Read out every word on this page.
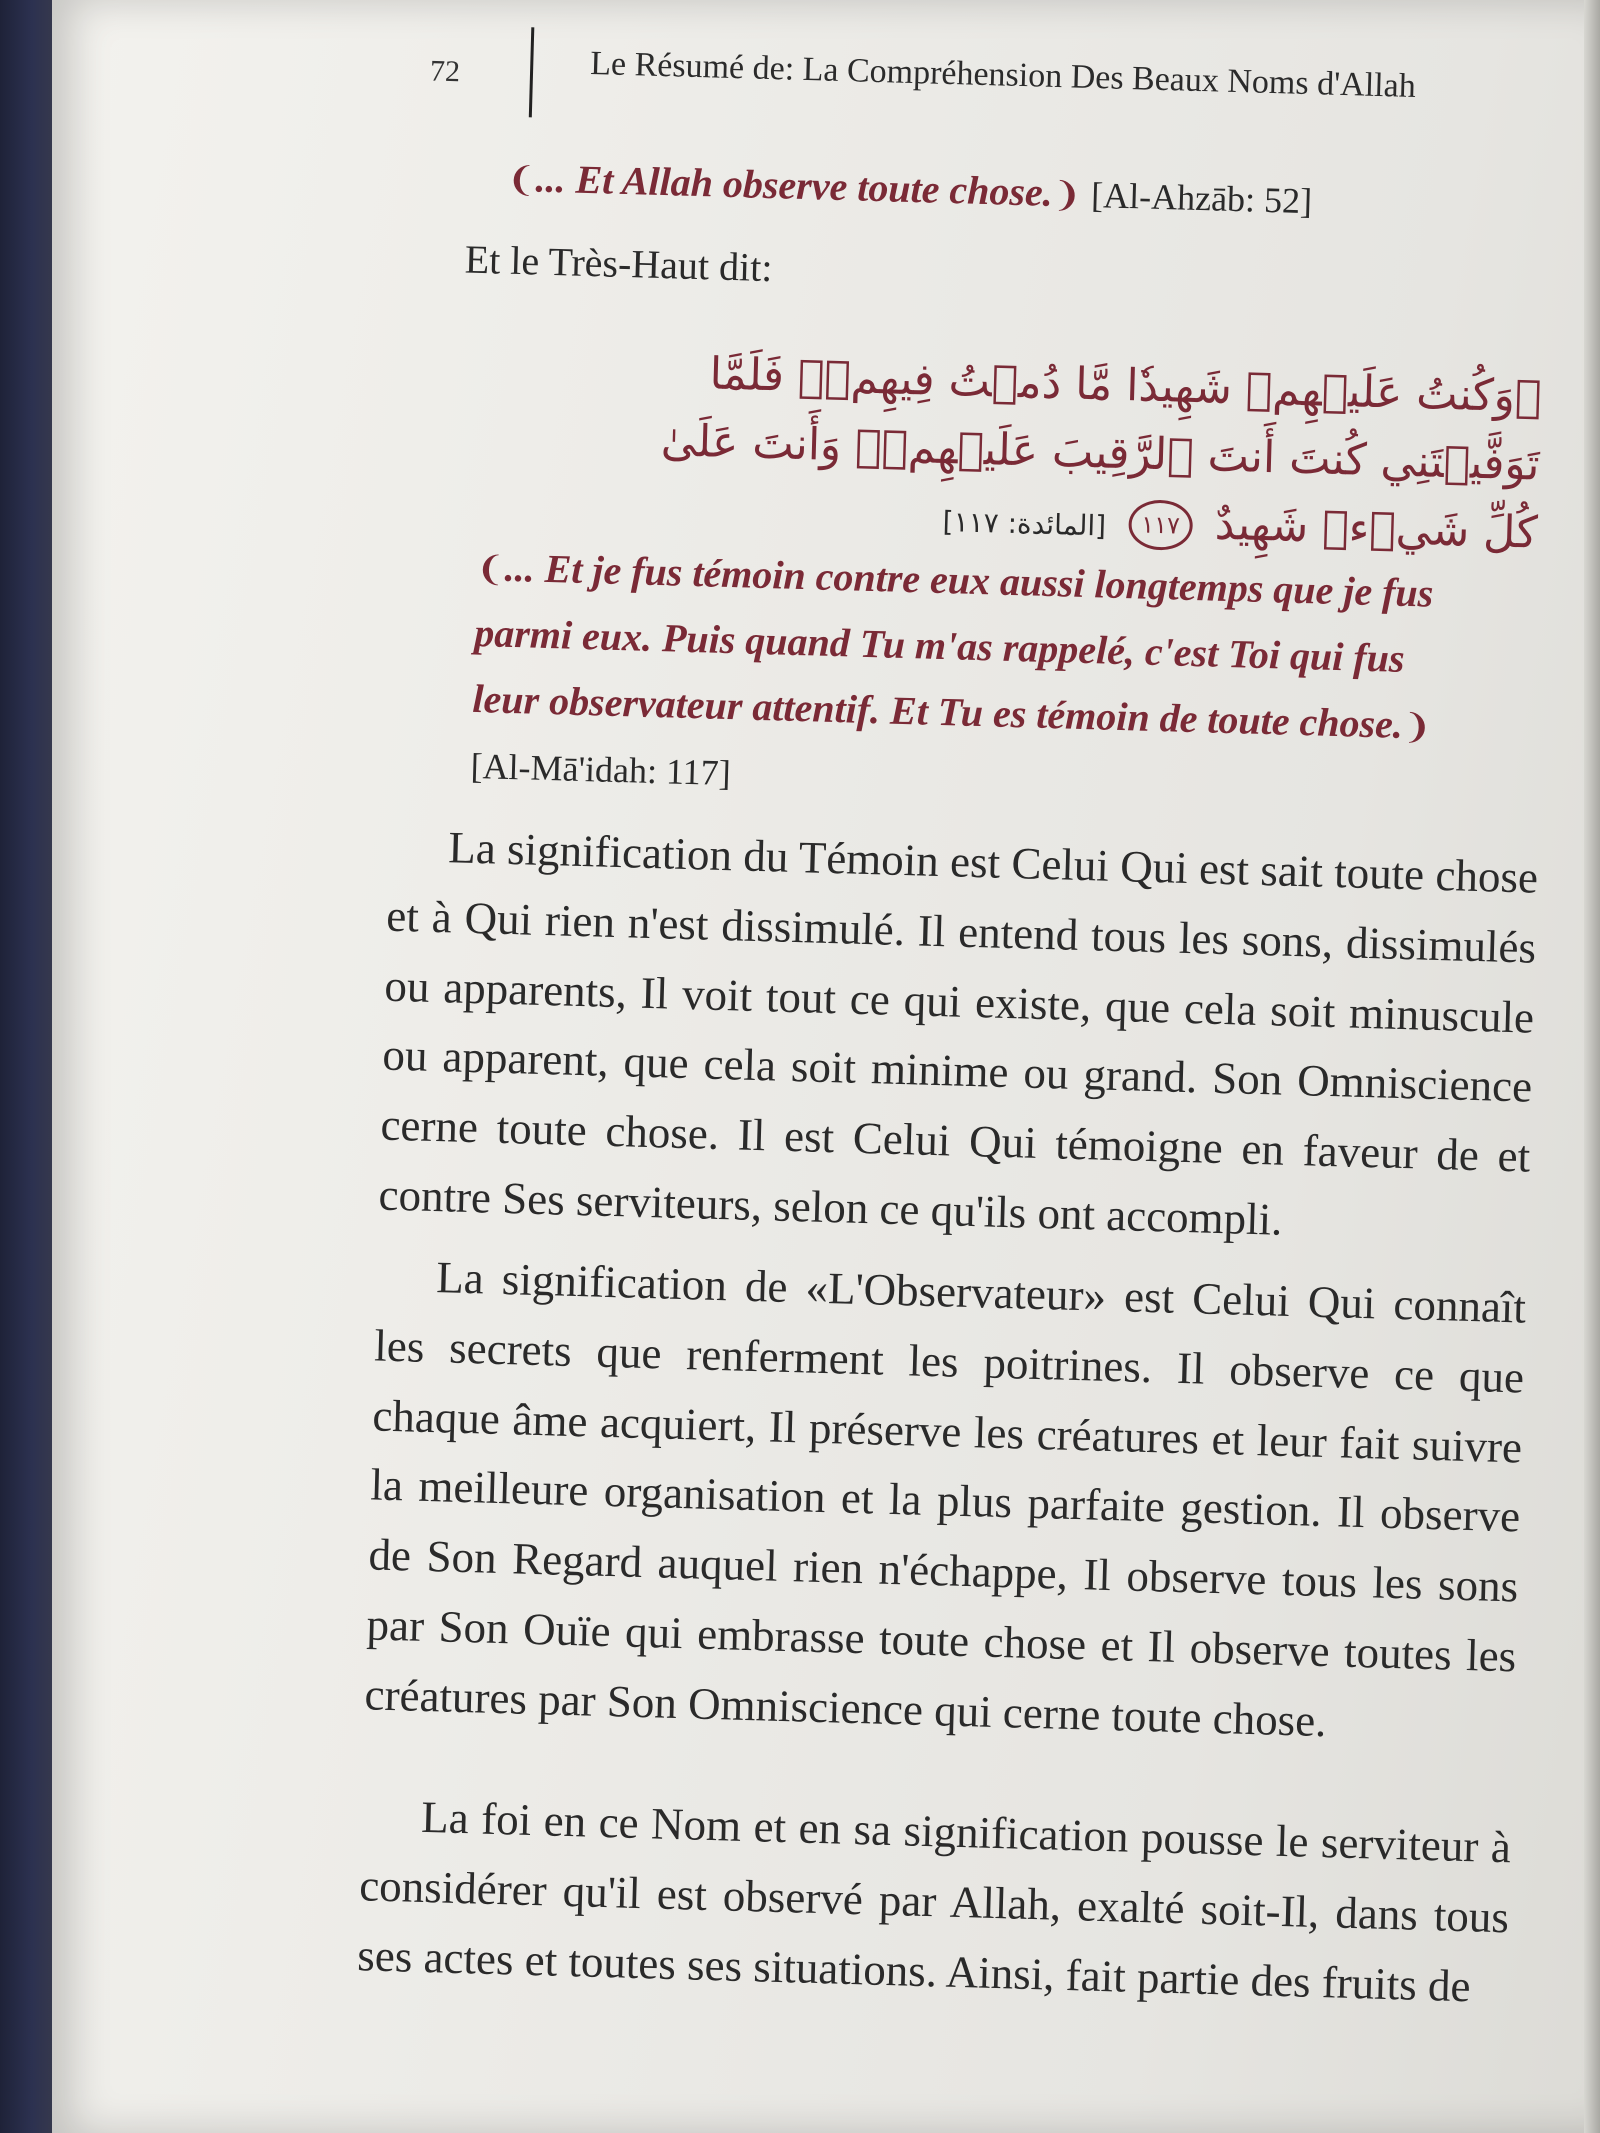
72	Le Résumé de: La Compréhension Des Beaux Noms d'Allah
❨... Et Allah observe toute chose.❩ [Al-Ahzāb: 52]
Et le Très-Haut dit:
﴿وَكُنتُ عَلَيۡهِمۡ شَهِيدٗا مَّا دُمۡتُ فِيهِمۡۖ فَلَمَّا تَوَفَّيۡتَنِي كُنتَ أَنتَ ٱلرَّقِيبَ عَلَيۡهِمۡۚ وَأَنتَ عَلَىٰ كُلِّ شَيۡءٖ شَهِيدٌ ١١٧ [المائدة: ١١٧]
❨... Et je fus témoin contre eux aussi longtemps que je fus parmi eux. Puis quand Tu m'as rappelé, c'est Toi qui fus leur observateur attentif. Et Tu es témoin de toute chose.❩ [Al-Mā'idah: 117]

La signification du Témoin est Celui Qui est sait toute chose et à Qui rien n'est dissimulé. Il entend tous les sons, dissimulés ou apparents, Il voit tout ce qui existe, que cela soit minuscule ou apparent, que cela soit minime ou grand. Son Omniscience cerne toute chose. Il est Celui Qui témoigne en faveur de et contre Ses serviteurs, selon ce qu'ils ont accompli.

La signification de «L'Observateur» est Celui Qui connaît les secrets que renferment les poitrines. Il observe ce que chaque âme acquiert, Il préserve les créatures et leur fait suivre la meilleure organisation et la plus parfaite gestion. Il observe de Son Regard auquel rien n'échappe, Il observe tous les sons par Son Ouïe qui embrasse toute chose et Il observe toutes les créatures par Son Omniscience qui cerne toute chose.

La foi en ce Nom et en sa signification pousse le serviteur à considérer qu'il est observé par Allah, exalté soit-Il, dans tous ses actes et toutes ses situations. Ainsi, fait partie des fruits de
